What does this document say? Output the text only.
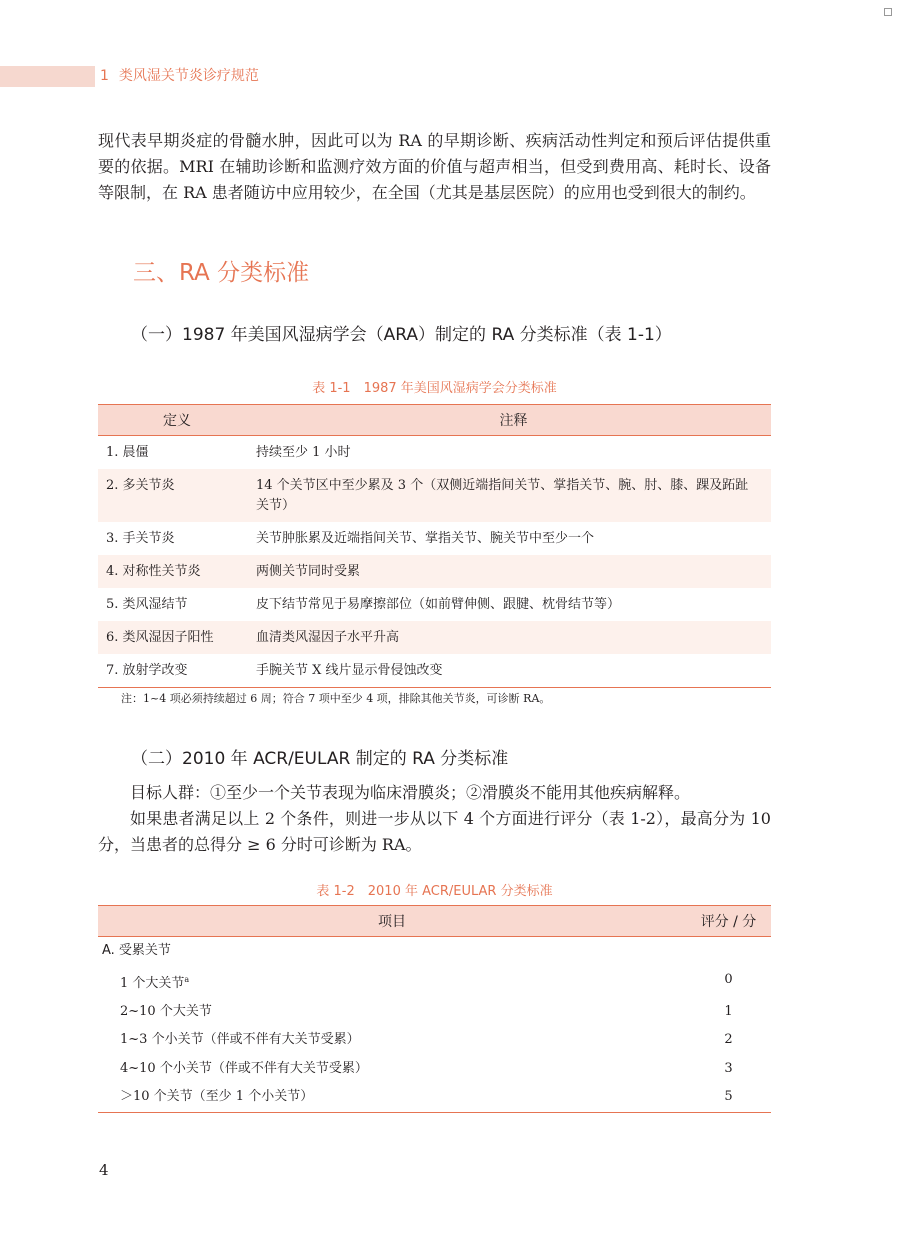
1 类风湿关节炎诊疗规范

现代表早期炎症的骨髓水肿，因此可以为 RA 的早期诊断、疾病活动性判定和预后评估提供重要的依据。MRI 在辅助诊断和监测疗效方面的价值与超声相当，但受到费用高、耗时长、设备等限制，在 RA 患者随访中应用较少，在全国（尤其是基层医院）的应用也受到很大的制约。

三、RA 分类标准
（一）1987 年美国风湿病学会（ARA）制定的 RA 分类标准（表 1-1）
表 1-1　1987 年美国风湿病学会分类标准
定义	注释
1. 晨僵	持续至少 1 小时
2. 多关节炎	14 个关节区中至少累及 3 个（双侧近端指间关节、掌指关节、腕、肘、膝、踝及跖趾关节）
3. 手关节炎	关节肿胀累及近端指间关节、掌指关节、腕关节中至少一个
4. 对称性关节炎	两侧关节同时受累
5. 类风湿结节	皮下结节常见于易摩擦部位（如前臂伸侧、跟腱、枕骨结节等）
6. 类风湿因子阳性	血清类风湿因子水平升高
7. 放射学改变	手腕关节 X 线片显示骨侵蚀改变
注：1~4 项必须持续超过 6 周；符合 7 项中至少 4 项，排除其他关节炎，可诊断 RA。
（二）2010 年 ACR/EULAR 制定的 RA 分类标准

目标人群：①至少一个关节表现为临床滑膜炎；②滑膜炎不能用其他疾病解释。

如果患者满足以上 2 个条件，则进一步从以下 4 个方面进行评分（表 1-2），最高分为 10 分，当患者的总得分 ≥ 6 分时可诊断为 RA。

表 1-2　2010 年 ACR/EULAR 分类标准
项目	评分 / 分
A. 受累关节	
1 个大关节$^a$	0
2~10 个大关节	1
1~3 个小关节（伴或不伴有大关节受累）	2
4~10 个小关节（伴或不伴有大关节受累）	3
＞10 个关节（至少 1 个小关节）	5
4
